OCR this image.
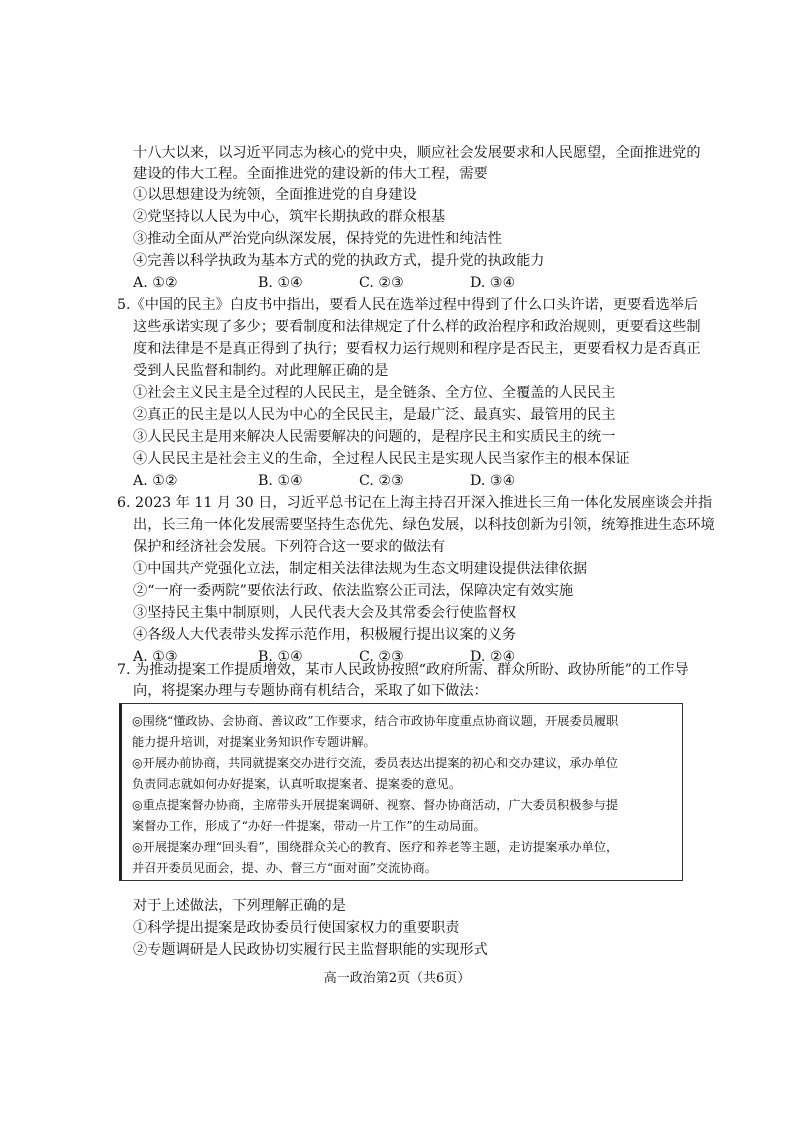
十八大以来，以习近平同志为核心的党中央，顺应社会发展要求和人民愿望，全面推进党的
建设的伟大工程。全面推进党的建设新的伟大工程，需要
①以思想建设为统领，全面推进党的自身建设
②党坚持以人民为中心，筑牢长期执政的群众根基
③推动全面从严治党向纵深发展，保持党的先进性和纯洁性
④完善以科学执政为基本方式的党的执政方式，提升党的执政能力
A. ①②	B. ①④	C. ②③	D. ③④
5.《中国的民主》白皮书中指出，要看人民在选举过程中得到了什么口头许诺，更要看选举后
这些承诺实现了多少；要看制度和法律规定了什么样的政治程序和政治规则，更要看这些制
度和法律是不是真正得到了执行；要看权力运行规则和程序是否民主，更要看权力是否真正
受到人民监督和制约。对此理解正确的是
①社会主义民主是全过程的人民民主，是全链条、全方位、全覆盖的人民民主
②真正的民主是以人民为中心的全民民主，是最广泛、最真实、最管用的民主
③人民民主是用来解决人民需要解决的问题的，是程序民主和实质民主的统一
④人民民主是社会主义的生命，全过程人民民主是实现人民当家作主的根本保证
A. ①②	B. ①④	C. ②③	D. ③④
6. 2023 年 11 月 30 日，习近平总书记在上海主持召开深入推进长三角一体化发展座谈会并指
出，长三角一体化发展需要坚持生态优先、绿色发展，以科技创新为引领，统筹推进生态环境
保护和经济社会发展。下列符合这一要求的做法有
①中国共产党强化立法，制定相关法律法规为生态文明建设提供法律依据
②“一府一委两院”要依法行政、依法监察公正司法，保障决定有效实施
③坚持民主集中制原则，人民代表大会及其常委会行使监督权
④各级人大代表带头发挥示范作用，积极履行提出议案的义务
A. ①③	B. ①④	C. ②③	D. ②④
7. 为推动提案工作提质增效，某市人民政协按照“政府所需、群众所盼、政协所能”的工作导
向，将提案办理与专题协商有机结合，采取了如下做法：
◎围绕“懂政协、会协商、善议政”工作要求，结合市政协年度重点协商议题，开展委员履职
能力提升培训，对提案业务知识作专题讲解。
◎开展办前协商，共同就提案交办进行交流，委员表达出提案的初心和交办建议，承办单位
负责同志就如何办好提案，认真听取提案者、提案委的意见。
◎重点提案督办协商，主席带头开展提案调研、视察、督办协商活动，广大委员积极参与提
案督办工作，形成了“办好一件提案，带动一片工作”的生动局面。
◎开展提案办理“回头看”，围绕群众关心的教育、医疗和养老等主题，走访提案承办单位，
并召开委员见面会，提、办、督三方“面对面”交流协商。
对于上述做法，下列理解正确的是
①科学提出提案是政协委员行使国家权力的重要职责
②专题调研是人民政协切实履行民主监督职能的实现形式
高一政治第2页（共6页）
